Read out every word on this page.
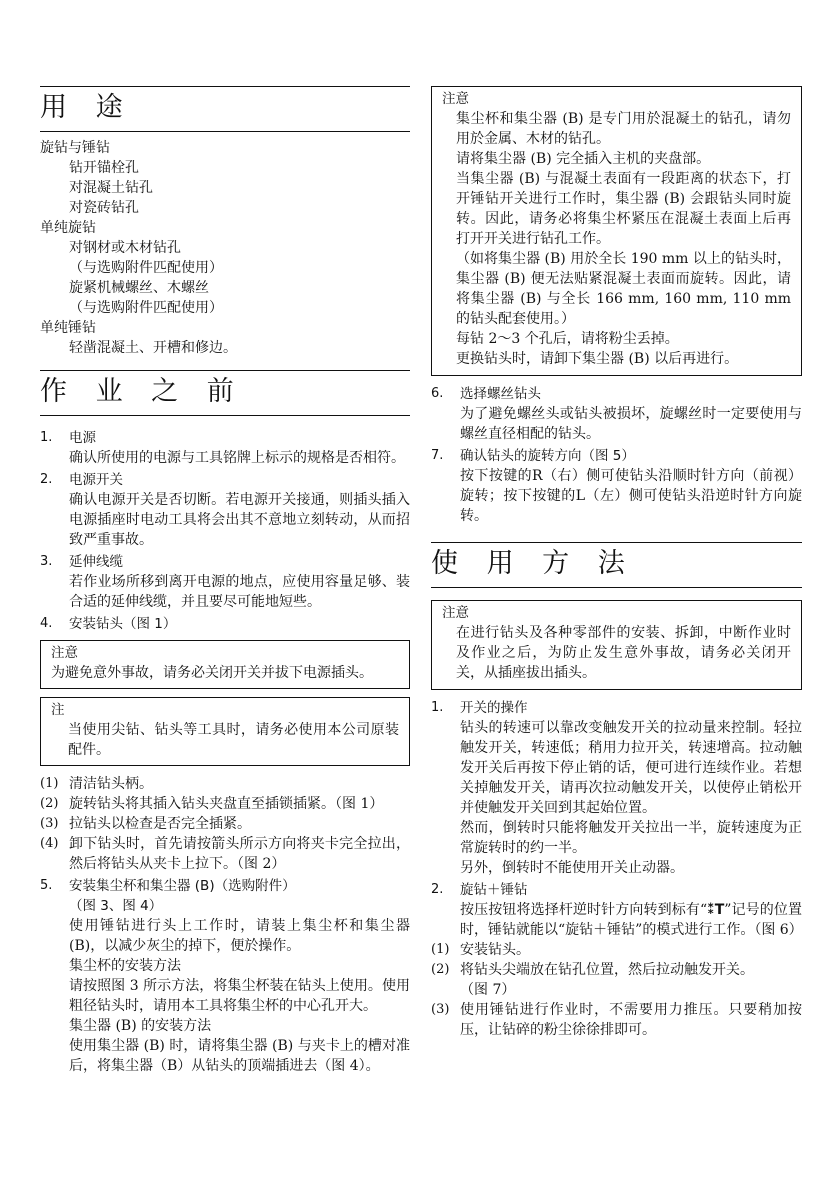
用 途
旋钻与锤钻
钻开锚栓孔
对混凝土钻孔
对瓷砖钻孔
单纯旋钻
对钢材或木材钻孔
（与选购附件匹配使用）
旋紧机械螺丝、木螺丝
（与选购附件匹配使用）
单纯锤钻
轻凿混凝土、开槽和修边。
作 业 之 前
1.	电源
确认所使用的电源与工具铭牌上标示的规格是否相符。
2.	电源开关
确认电源开关是否切断。若电源开关接通，则插头插入电源插座时电动工具将会出其不意地立刻转动，从而招致严重事故。
3.	延伸线缆
若作业场所移到离开电源的地点，应使用容量足够、装合适的延伸线缆，并且要尽可能地短些。
4.	安装钻头（图 1）
注意
为避免意外事故，请务必关闭开关并拔下电源插头。
注
当使用尖钻、钻头等工具时，请务必使用本公司原装配件。
(1) 清洁钻头柄。
(2) 旋转钻头将其插入钻头夹盘直至插锁插紧。（图 1）
(3) 拉钻头以检查是否完全插紧。
(4) 卸下钻头时，首先请按箭头所示方向将夹卡完全拉出，然后将钻头从夹卡上拉下。（图 2）
5.	安装集尘杯和集尘器 (B)（选购附件）
（图 3、图 4）
使用锤钻进行头上工作时，请装上集尘杯和集尘器 (B)，以减少灰尘的掉下，便於操作。
集尘杯的安装方法
请按照图 3 所示方法，将集尘杯装在钻头上使用。使用粗径钻头时，请用本工具将集尘杯的中心孔开大。
集尘器 (B) 的安装方法
使用集尘器 (B) 时，请将集尘器 (B) 与夹卡上的槽对准后，将集尘器（B）从钻头的顶端插进去（图 4）。
注意
集尘杯和集尘器 (B) 是专门用於混凝土的钻孔，请勿用於金属、木材的钻孔。
请将集尘器 (B) 完全插入主机的夹盘部。
当集尘器 (B) 与混凝土表面有一段距离的状态下，打开锤钻开关进行工作时，集尘器 (B) 会跟钻头同时旋转。因此，请务必将集尘杯紧压在混凝土表面上后再打开开关进行钻孔工作。
（如将集尘器 (B) 用於全长 190 mm 以上的钻头时，集尘器 (B) 便无法贴紧混凝土表面而旋转。因此，请将集尘器 (B) 与全长 166 mm, 160 mm, 110 mm 的钻头配套使用。）
每钻 2～3 个孔后，请将粉尘丢掉。
更换钻头时，请卸下集尘器 (B) 以后再进行。
6.	选择螺丝钻头
为了避免螺丝头或钻头被损坏，旋螺丝时一定要使用与螺丝直径相配的钻头。
7.	确认钻头的旋转方向（图 5）
按下按键的R（右）侧可使钻头沿顺时针方向（前视）旋转；按下按键的L（左）侧可使钻头沿逆时针方向旋转。
使 用 方 法
注意
在进行钻头及各种零部件的安装、拆卸，中断作业时及作业之后，为防止发生意外事故，请务必关闭开关，从插座拔出插头。
1.	开关的操作
钻头的转速可以靠改变触发开关的拉动量来控制。轻拉触发开关，转速低；稍用力拉开关，转速增高。拉动触发开关后再按下停止销的话，便可进行连续作业。若想关掉触发开关，请再次拉动触发开关，以使停止销松开并使触发开关回到其起始位置。
然而，倒转时只能将触发开关拉出一半，旋转速度为正常旋转时的约一半。
另外，倒转时不能使用开关止动器。
2.	旋钻＋锤钻
按压按钮将选择杆逆时针方向转到标有“⁑T”记号的位置时，锤钻就能以“旋钻＋锤钻”的模式进行工作。（图 6）
(1) 安装钻头。
(2) 将钻头尖端放在钻孔位置，然后拉动触发开关。
（图 7）
(3) 使用锤钻进行作业时，不需要用力推压。只要稍加按压，让钻碎的粉尘徐徐排即可。
